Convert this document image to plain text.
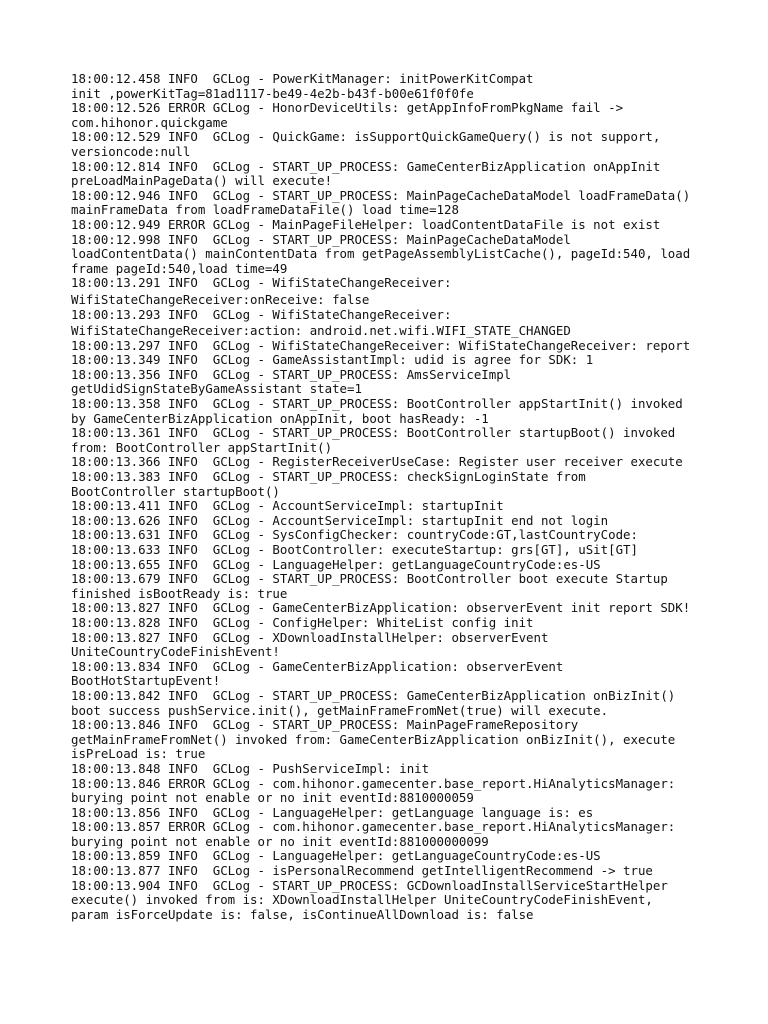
18:00:12.458 INFO  GCLog - PowerKitManager: initPowerKitCompat
init ,powerKitTag=81ad1117-be49-4e2b-b43f-b00e61f0f0fe
18:00:12.526 ERROR GCLog - HonorDeviceUtils: getAppInfoFromPkgName fail ->
com.hihonor.quickgame
18:00:12.529 INFO  GCLog - QuickGame: isSupportQuickGameQuery() is not support,
versioncode:null
18:00:12.814 INFO  GCLog - START_UP_PROCESS: GameCenterBizApplication onAppInit
preLoadMainPageData() will execute!
18:00:12.946 INFO  GCLog - START_UP_PROCESS: MainPageCacheDataModel loadFrameData()
mainFrameData from loadFrameDataFile() load time=128
18:00:12.949 ERROR GCLog - MainPageFileHelper: loadContentDataFile is not exist
18:00:12.998 INFO  GCLog - START_UP_PROCESS: MainPageCacheDataModel
loadContentData() mainContentData from getPageAssemblyListCache(), pageId:540, load
frame pageId:540,load time=49
18:00:13.291 INFO  GCLog - WifiStateChangeReceiver:
WifiStateChangeReceiver:onReceive: false
18:00:13.293 INFO  GCLog - WifiStateChangeReceiver:
WifiStateChangeReceiver:action: android.net.wifi.WIFI_STATE_CHANGED
18:00:13.297 INFO  GCLog - WifiStateChangeReceiver: WifiStateChangeReceiver: report
18:00:13.349 INFO  GCLog - GameAssistantImpl: udid is agree for SDK: 1
18:00:13.356 INFO  GCLog - START_UP_PROCESS: AmsServiceImpl
getUdidSignStateByGameAssistant state=1
18:00:13.358 INFO  GCLog - START_UP_PROCESS: BootController appStartInit() invoked
by GameCenterBizApplication onAppInit, boot hasReady: -1
18:00:13.361 INFO  GCLog - START_UP_PROCESS: BootController startupBoot() invoked
from: BootController appStartInit()
18:00:13.366 INFO  GCLog - RegisterReceiverUseCase: Register user receiver execute
18:00:13.383 INFO  GCLog - START_UP_PROCESS: checkSignLoginState from
BootController startupBoot()
18:00:13.411 INFO  GCLog - AccountServiceImpl: startupInit
18:00:13.626 INFO  GCLog - AccountServiceImpl: startupInit end not login
18:00:13.631 INFO  GCLog - SysConfigChecker: countryCode:GT,lastCountryCode:
18:00:13.633 INFO  GCLog - BootController: executeStartup: grs[GT], uSit[GT]
18:00:13.655 INFO  GCLog - LanguageHelper: getLanguageCountryCode:es-US
18:00:13.679 INFO  GCLog - START_UP_PROCESS: BootController boot execute Startup
finished isBootReady is: true
18:00:13.827 INFO  GCLog - GameCenterBizApplication: observerEvent init report SDK!
18:00:13.828 INFO  GCLog - ConfigHelper: WhiteList config init
18:00:13.827 INFO  GCLog - XDownloadInstallHelper: observerEvent
UniteCountryCodeFinishEvent!
18:00:13.834 INFO  GCLog - GameCenterBizApplication: observerEvent
BootHotStartupEvent!
18:00:13.842 INFO  GCLog - START_UP_PROCESS: GameCenterBizApplication onBizInit()
boot success pushService.init(), getMainFrameFromNet(true) will execute.
18:00:13.846 INFO  GCLog - START_UP_PROCESS: MainPageFrameRepository
getMainFrameFromNet() invoked from: GameCenterBizApplication onBizInit(), execute
isPreLoad is: true
18:00:13.848 INFO  GCLog - PushServiceImpl: init
18:00:13.846 ERROR GCLog - com.hihonor.gamecenter.base_report.HiAnalyticsManager:
burying point not enable or no init eventId:8810000059
18:00:13.856 INFO  GCLog - LanguageHelper: getLanguage language is: es
18:00:13.857 ERROR GCLog - com.hihonor.gamecenter.base_report.HiAnalyticsManager:
burying point not enable or no init eventId:881000000099
18:00:13.859 INFO  GCLog - LanguageHelper: getLanguageCountryCode:es-US
18:00:13.877 INFO  GCLog - isPersonalRecommend getIntelligentRecommend -> true
18:00:13.904 INFO  GCLog - START_UP_PROCESS: GCDownloadInstallServiceStartHelper
execute() invoked from is: XDownloadInstallHelper UniteCountryCodeFinishEvent,
param isForceUpdate is: false, isContinueAllDownload is: false
